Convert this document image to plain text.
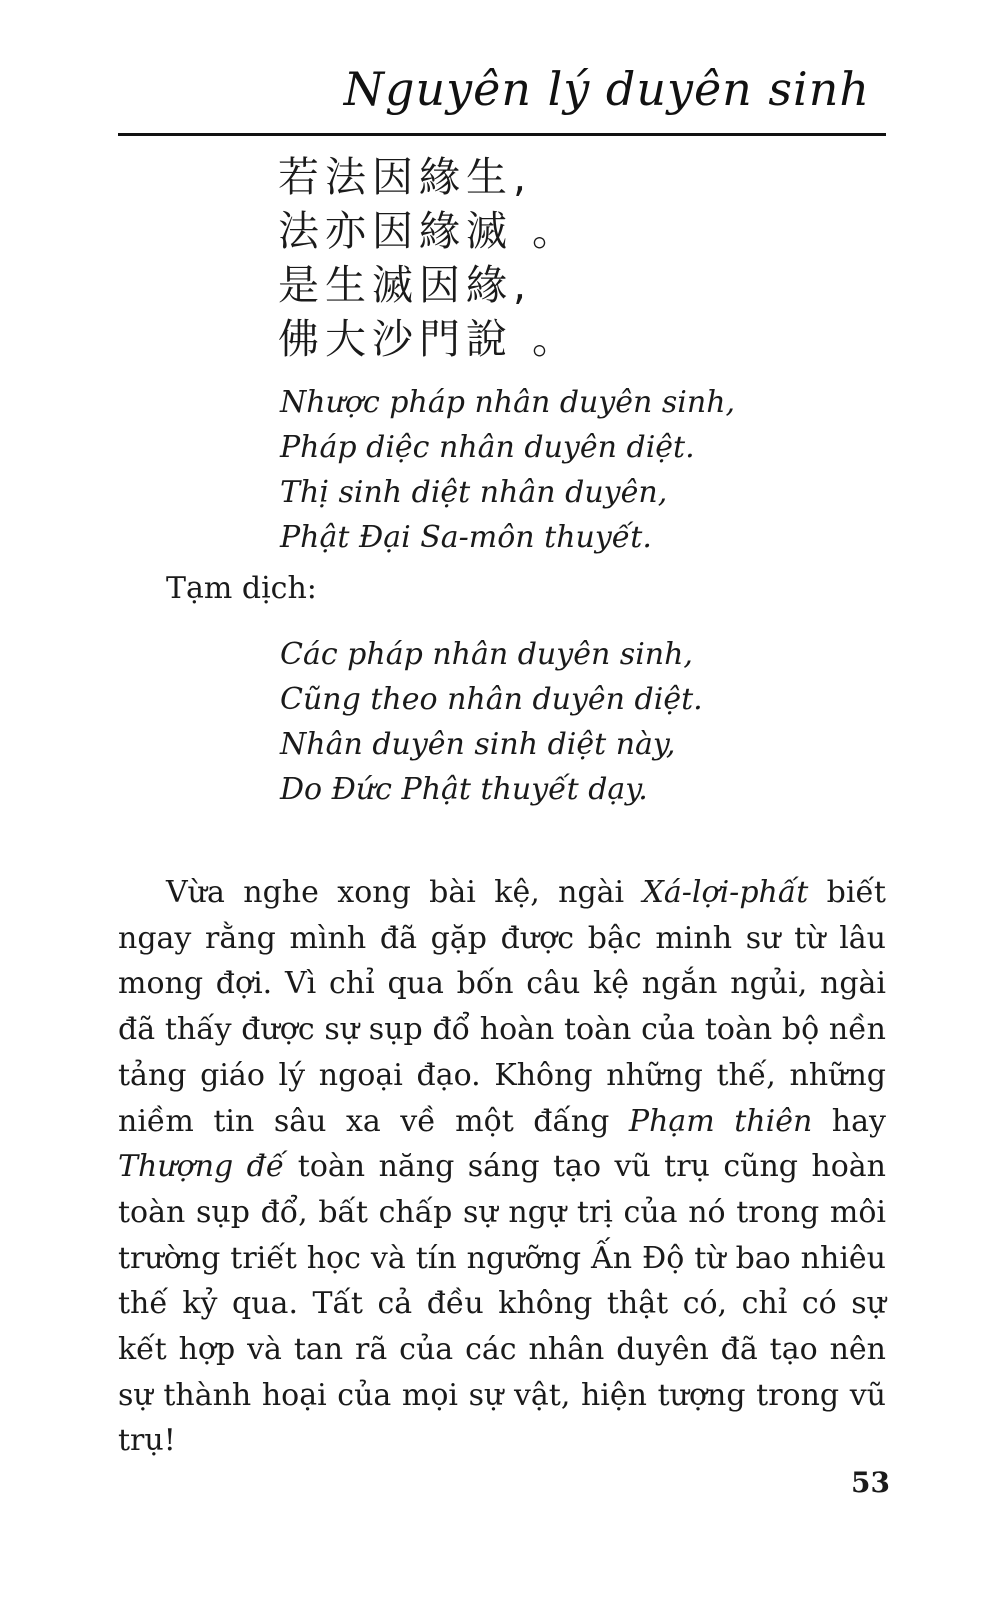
Nguyên lý duyên sinh
若法因緣生,
法亦因緣滅 。
是生滅因緣,
佛大沙門說 。
Nhược pháp nhân duyên sinh,
Pháp diệc nhân duyên diệt.
Thị sinh diệt nhân duyên,
Phật Đại Sa-môn thuyết.
Tạm dịch:
Các pháp nhân duyên sinh,
Cũng theo nhân duyên diệt.
Nhân duyên sinh diệt này,
Do Đức Phật thuyết dạy.

Vừa nghe xong bài kệ, ngài Xá-lợi-phất biết ngay rằng mình đã gặp được bậc minh sư từ lâu mong đợi. Vì chỉ qua bốn câu kệ ngắn ngủi, ngài đã thấy được sự sụp đổ hoàn toàn của toàn bộ nền tảng giáo lý ngoại đạo. Không những thế, những niềm tin sâu xa về một đấng Phạm thiên hay Thượng đế toàn năng sáng tạo vũ trụ cũng hoàn toàn sụp đổ, bất chấp sự ngự trị của nó trong môi trường triết học và tín ngưỡng Ấn Độ từ bao nhiêu thế kỷ qua. Tất cả đều không thật có, chỉ có sự kết hợp và tan rã của các nhân duyên đã tạo nên sự thành hoại của mọi sự vật, hiện tượng trong vũ trụ!

53
